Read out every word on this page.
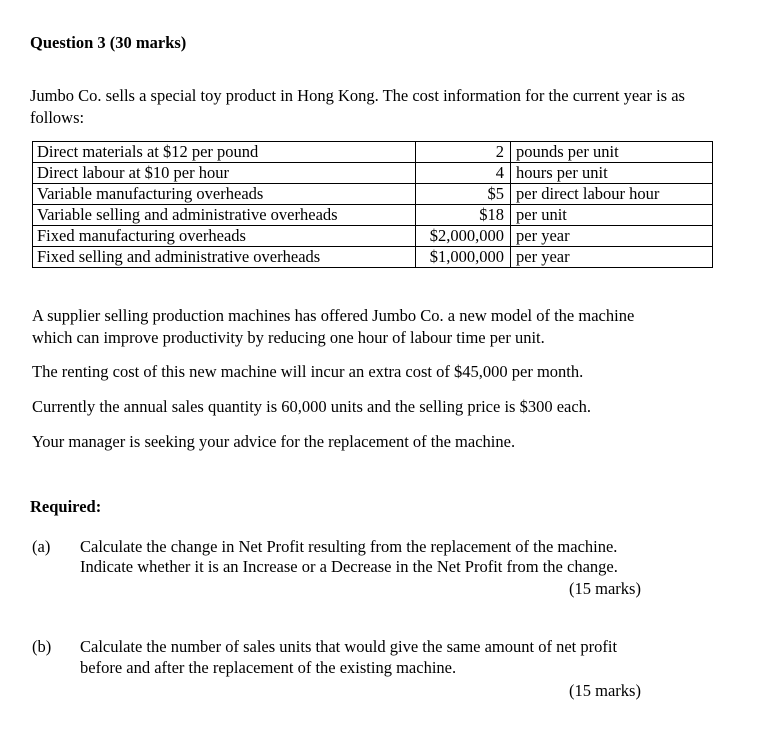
Question 3 (30 marks)
Jumbo Co. sells a special toy product in Hong Kong. The cost information for the current year is as follows:
Direct materials at $12 per pound	2	pounds per unit
Direct labour at $10 per hour	4	hours per unit
Variable manufacturing overheads	$5	per direct labour hour
Variable selling and administrative overheads	$18	per unit
Fixed manufacturing overheads	$2,000,000	per year
Fixed selling and administrative overheads	$1,000,000	per year
A supplier selling production machines has offered Jumbo Co. a new model of the machine
which can improve productivity by reducing one hour of labour time per unit.
The renting cost of this new machine will incur an extra cost of $45,000 per month.
Currently the annual sales quantity is 60,000 units and the selling price is $300 each.
Your manager is seeking your advice for the replacement of the machine.
Required:
(a) Calculate the change in Net Profit resulting from the replacement of the machine.
Indicate whether it is an Increase or a Decrease in the Net Profit from the change.
(15 marks)
(b) Calculate the number of sales units that would give the same amount of net profit
before and after the replacement of the existing machine.
(15 marks)
